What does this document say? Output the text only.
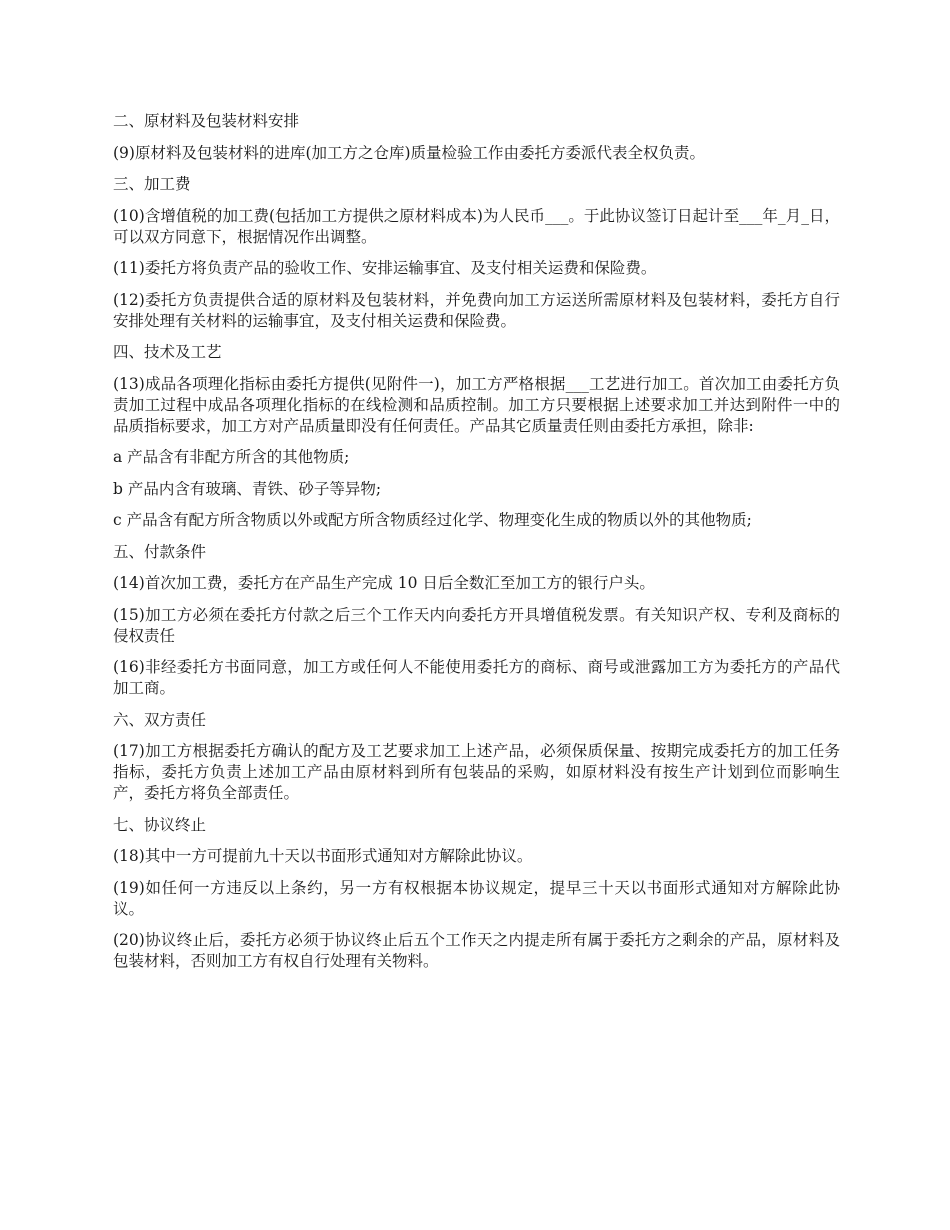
二、原材料及包装材料安排

(9)原材料及包装材料的进库(加工方之仓库)质量检验工作由委托方委派代表全权负责。

三、加工费

(10)含增值税的加工费(包括加工方提供之原材料成本)为人民币___。于此协议签订日起计至___年_月_日，可以双方同意下，根据情况作出调整。

(11)委托方将负责产品的验收工作、安排运输事宜、及支付相关运费和保险费。

(12)委托方负责提供合适的原材料及包装材料，并免费向加工方运送所需原材料及包装材料，委托方自行安排处理有关材料的运输事宜，及支付相关运费和保险费。

四、技术及工艺

(13)成品各项理化指标由委托方提供(见附件一)，加工方严格根据___工艺进行加工。首次加工由委托方负责加工过程中成品各项理化指标的在线检测和品质控制。加工方只要根据上述要求加工并达到附件一中的品质指标要求，加工方对产品质量即没有任何责任。产品其它质量责任则由委托方承担，除非:

a 产品含有非配方所含的其他物质;

b 产品内含有玻璃、青铁、砂子等异物;

c 产品含有配方所含物质以外或配方所含物质经过化学、物理变化生成的物质以外的其他物质;

五、付款条件

(14)首次加工费，委托方在产品生产完成 10 日后全数汇至加工方的银行户头。

(15)加工方必须在委托方付款之后三个工作天内向委托方开具增值税发票。有关知识产权、专利及商标的侵权责任

(16)非经委托方书面同意，加工方或任何人不能使用委托方的商标、商号或泄露加工方为委托方的产品代加工商。

六、双方责任

(17)加工方根据委托方确认的配方及工艺要求加工上述产品，必须保质保量、按期完成委托方的加工任务指标，委托方负责上述加工产品由原材料到所有包装品的采购，如原材料没有按生产计划到位而影响生产，委托方将负全部责任。

七、协议终止

(18)其中一方可提前九十天以书面形式通知对方解除此协议。

(19)如任何一方违反以上条约，另一方有权根据本协议规定，提早三十天以书面形式通知对方解除此协议。

(20)协议终止后，委托方必须于协议终止后五个工作天之内提走所有属于委托方之剩余的产品，原材料及包装材料，否则加工方有权自行处理有关物料。
